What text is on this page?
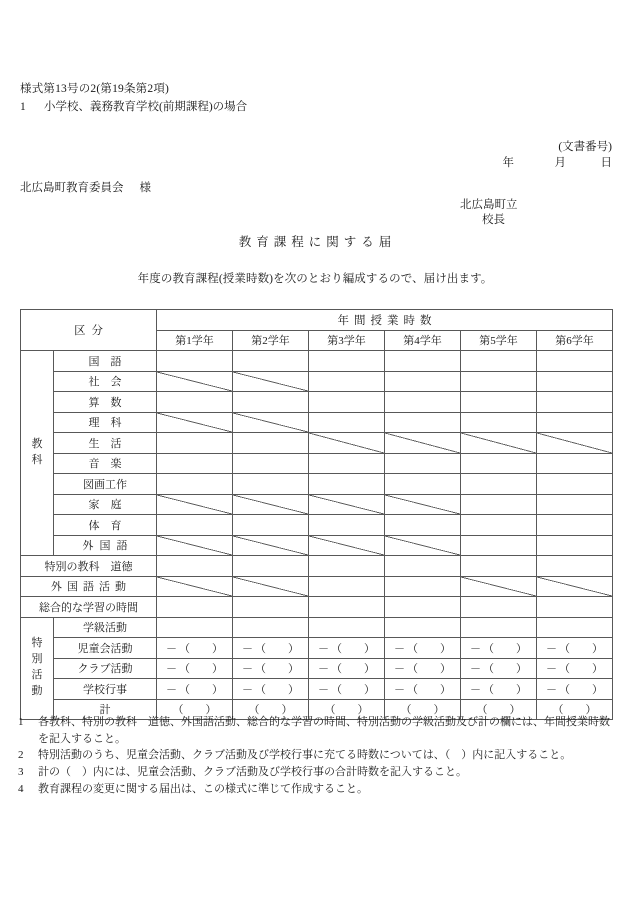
様式第13号の2(第19条第2項)
1 小学校、義務教育学校(前期課程)の場合
(文書番号)
年	月	日
北広島町教育委員会 様
北広島町立
校長
教育課程に関する届
年度の教育課程(授業時数)を次のとおり編成するので、届け出ます。
区分		年間授業時数					
		第1学年	第2学年	第3学年	第4学年	第5学年	第6学年

教
科	国語						
	社会						
	算数						
	理科						
	生活						
	音楽						
	図画工作						
	家庭						
	体育						
	外国語						
特別の教科　道徳							
外国語活動							
総合的な学習の時間							

特
別
活
動	学級活動						
	児童会活動	－ （ ）	－ （ ）	－ （ ）	－ （ ）	－ （ ）	－ （ ）
	クラブ活動	－ （ ）	－ （ ）	－ （ ）	－ （ ）	－ （ ）	－ （ ）
	学校行事	－ （ ）	－ （ ）	－ （ ）	－ （ ）	－ （ ）	－ （ ）
	計	（ ）	（ ）	（ ）	（ ）	（ ）	（ ）
1 各教科、特別の教科　道徳、外国語活動、総合的な学習の時間、特別活動の学級活動及び計の欄には、年間授業時数を記入すること。
2 特別活動のうち、児童会活動、クラブ活動及び学校行事に充てる時数については、（　）内に記入すること。
3 計の（　）内には、児童会活動、クラブ活動及び学校行事の合計時数を記入すること。
4 教育課程の変更に関する届出は、この様式に準じて作成すること。
